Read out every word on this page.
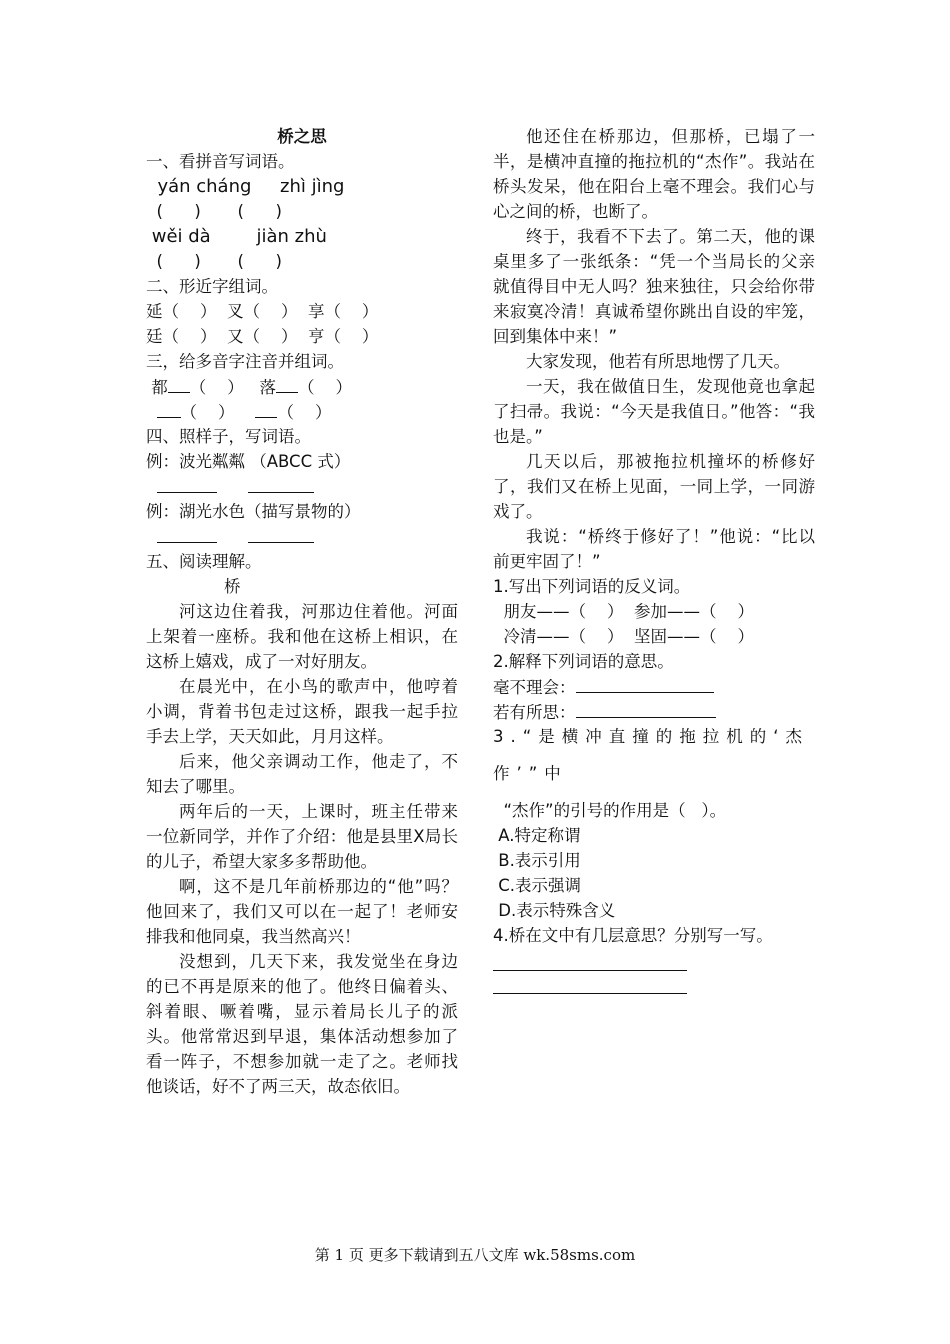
桥之思
一、看拼音写词语。
yán cháng     zhì jìng
(      )       (      )
wěi dà        jiàn zhù
(      )       (      )
二、形近字组词。
延（    ）  叉（    ）  享（    ）
廷（    ）  又（    ）  亨（    ）
三，给多音字注音并组词。
都 （    ） 落 （    ）
（    ）	（    ）
四、照样子，写词语。
例：波光粼粼 （ABCC 式）

例：湖光水色（描写景物的）

五、阅读理解。
桥
河这边住着我，河那边住着他。河面上架着一座桥。我和他在这桥上相识，在这桥上嬉戏，成了一对好朋友。
在晨光中，在小鸟的歌声中，他哼着小调，背着书包走过这桥，跟我一起手拉手去上学，天天如此，月月这样。
后来，他父亲调动工作，他走了，不知去了哪里。
两年后的一天，上课时，班主任带来一位新同学，并作了介绍：他是县里X局长的儿子，希望大家多多帮助他。
啊，这不是几年前桥那边的“他”吗？他回来了，我们又可以在一起了！老师安排我和他同桌，我当然高兴！
没想到，几天下来，我发觉坐在身边的已不再是原来的他了。他终日偏着头、斜着眼、噘着嘴，显示着局长儿子的派头。他常常迟到早退，集体活动想参加了看一阵子，不想参加就一走了之。老师找他谈话，好不了两三天，故态依旧。
他还住在桥那边，但那桥，已塌了一半，是横冲直撞的拖拉机的“杰作”。我站在桥头发呆，他在阳台上毫不理会。我们心与心之间的桥，也断了。
终于，我看不下去了。第二天，他的课桌里多了一张纸条：“凭一个当局长的父亲就值得目中无人吗？独来独往，只会给你带来寂寞冷清！真诚希望你跳出自设的牢笼，回到集体中来！”
大家发现，他若有所思地愣了几天。
一天，我在做值日生，发现他竟也拿起了扫帚。我说：“今天是我值日。”他答：“我也是。”
几天以后，那被拖拉机撞坏的桥修好了，我们又在桥上见面，一同上学，一同游戏了。
我说：“桥终于修好了！”他说：“比以前更牢固了！”
1.写出下列词语的反义词。
朋友——（    ）  参加——（    ）
冷清——（    ）  坚固——（    ）
2.解释下列词语的意思。
毫不理会：
若有所思：
3.“是横冲直撞的拖拉机的‘杰
作’”中
“杰作”的引号的作用是（   ）。
A.特定称谓
B.表示引用
C.表示强调
D.表示特殊含义
4.桥在文中有几层意思？分别写一写。
第 1 页 更多下载请到五八文库 wk.58sms.com
